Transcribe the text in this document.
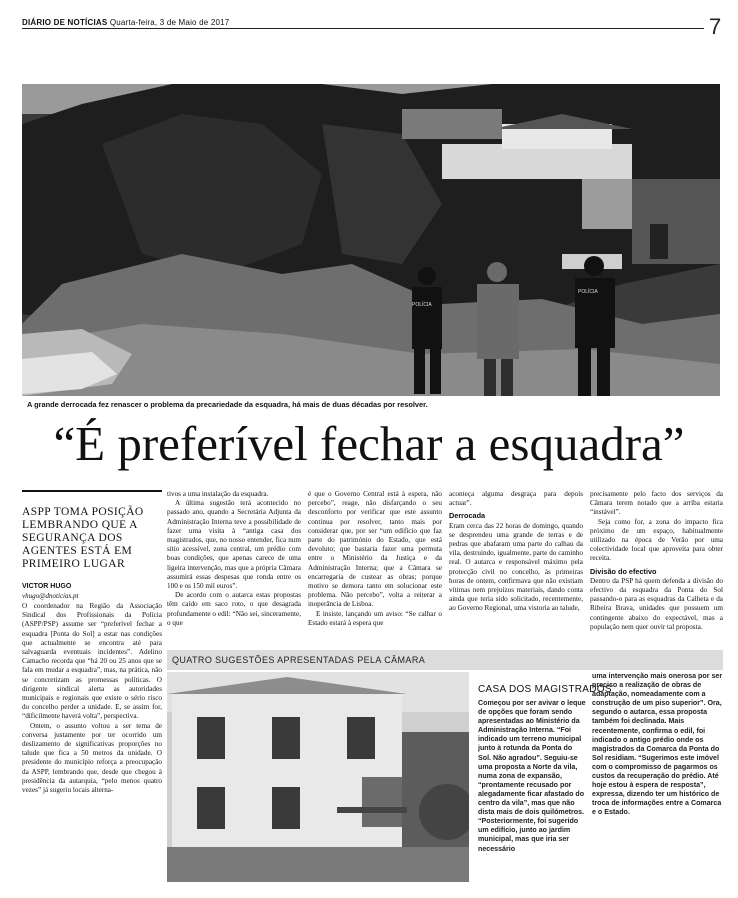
DIÁRIO DE NOTÍCIAS Quarta-feira, 3 de Maio de 2017	7
POLÍCIA
POLÍCIA
A grande derrocada fez renascer o problema da precariedade da esquadra, há mais de duas décadas por resolver.
“É preferível fechar a esquadra”
ASPP TOMA POSIÇÃO LEMBRANDO QUE A SEGURANÇA DOS AGENTES ESTÁ EM PRIMEIRO LUGAR
VICTOR HUGO
vhugo@dnoticias.pt

O coordenador na Região da Associação Sindical dos Profissionais da Polícia (ASPP/PSP) assume ser “preferível fechar a esquadra [Ponta do Sol] a estar nas condições que actualmente se encontra até para salvaguarda eventuais incidentes”. Adelino Camacho recorda que “há 20 ou 25 anos que se fala em mudar a esquadra”, mas, na prática, não se concretizam as promessas políticas. O dirigente sindical alerta as autoridades municipais e regionais que existe o sério risco do concelho perder a unidade. E, se assim for, “dificilmente haverá volta”, perspectiva.

Ontem, o assunto voltou a ser tema de conversa justamente por ter ocorrido um deslizamento de significativas proporções no talude que fica a 50 metros da unidade. O presidente do município reforça a preocupação da ASPP, lembrando que, desde que chegou à presidência da autarquia, “pelo menos quatro vezes” já sugeriu locais alterna-

tivos a uma instalação da esquadra.

A última sugestão terá acontecido no passado ano, quando a Secretária Adjunta da Administração Interna teve a possibilidade de fazer uma visita à “antiga casa dos magistrados, que, no nosso entender, fica num sítio acessível, zona central, um prédio com boas condições, que apenas carece de uma ligeira intervenção, mas que a própria Câmara assumirá essas despesas que ronda entre os 100 e os 150 mil euros”.

De acordo com o autarca estas propostas têm caído em saco roto, o que desagrada profundamente o edil: “Não sei, sinceramente, o que

é que o Governo Central está à espera, não percebo”, reage, não disfarçando o seu desconforto por verificar que este assunto continua por resolver, tanto mais por considerar que, por ser “um edifício que faz parte do património do Estado, que está devoluto; que bastaria fazer uma permuta entre o Ministério da Justiça e da Administração Interna; que a Câmara se encarregaria de custear as obras; porque motivo se demora tanto em solucionar este problema. Não percebo”, volta a reiterar a inoperância de Lisboa.

E insiste, lançando um aviso: “Se calhar o Estado estará à espera que

aconteça alguma desgraça para depois actuar”.

Derrocada

Eram cerca das 22 horas de domingo, quando se desprendeu uma grande de terras e de pedras que abafaram uma parte do calhau da vila, destruindo, igualmente, parte do caminho real. O autarca e responsável máximo pela protecção civil no concelho, às primeiras horas de ontem, confirmava que não existiam vítimas nem prejuízos materiais, dando conta ainda que teria sido solicitado, recentemente, ao Governo Regional, uma vistoria ao talude,

precisamente pelo facto dos serviços da Câmara terem notado que a arriba estaria “instável”.

Seja como for, a zona do impacto fica próximo de um espaço, habitualmente utilizado na época de Verão por uma colectividade local que aproveita para obter receita.

Divisão do efectivo

Dentro da PSP há quem defenda a divisão do efectivo da esquadra da Ponta do Sol passando-o para as esquadras da Calheta e da Ribeira Brava, unidades que possuem um contingente abaixo do expectável, mas a população nem quer ouvir tal proposta.

QUATRO SUGESTÕES APRESENTADAS PELA CÂMARA
CASA DOS MAGISTRADOS

Começou por ser avivar o leque de opções que foram sendo apresentadas ao Ministério da Administração Interna. “Foi indicado um terreno municipal junto à rotunda da Ponta do Sol. Não agradou”. Seguiu-se uma proposta a Norte da vila, numa zona de expansão, “prontamente recusado por alegadamente ficar afastado do centro da vila”, mas que não dista mais de dois quilómetros. “Posteriormente, foi sugerido um edifício, junto ao jardim municipal, mas que iria ser necessário

uma intervenção mais onerosa por ser preciso a realização de obras de adaptação, nomeadamente com a construção de um piso superior”. Ora, segundo o autarca, essa proposta também foi declinada. Mais recentemente, confirma o edil, foi indicado o antigo prédio onde os magistrados da Comarca da Ponta do Sol residiam. “Sugerimos este imóvel com o compromisso de pagarmos os custos da recuperação do prédio. Até hoje estou à espera de resposta”, expressa, dizendo ter um histórico de troca de informações entre a Comarca e o Estado.
